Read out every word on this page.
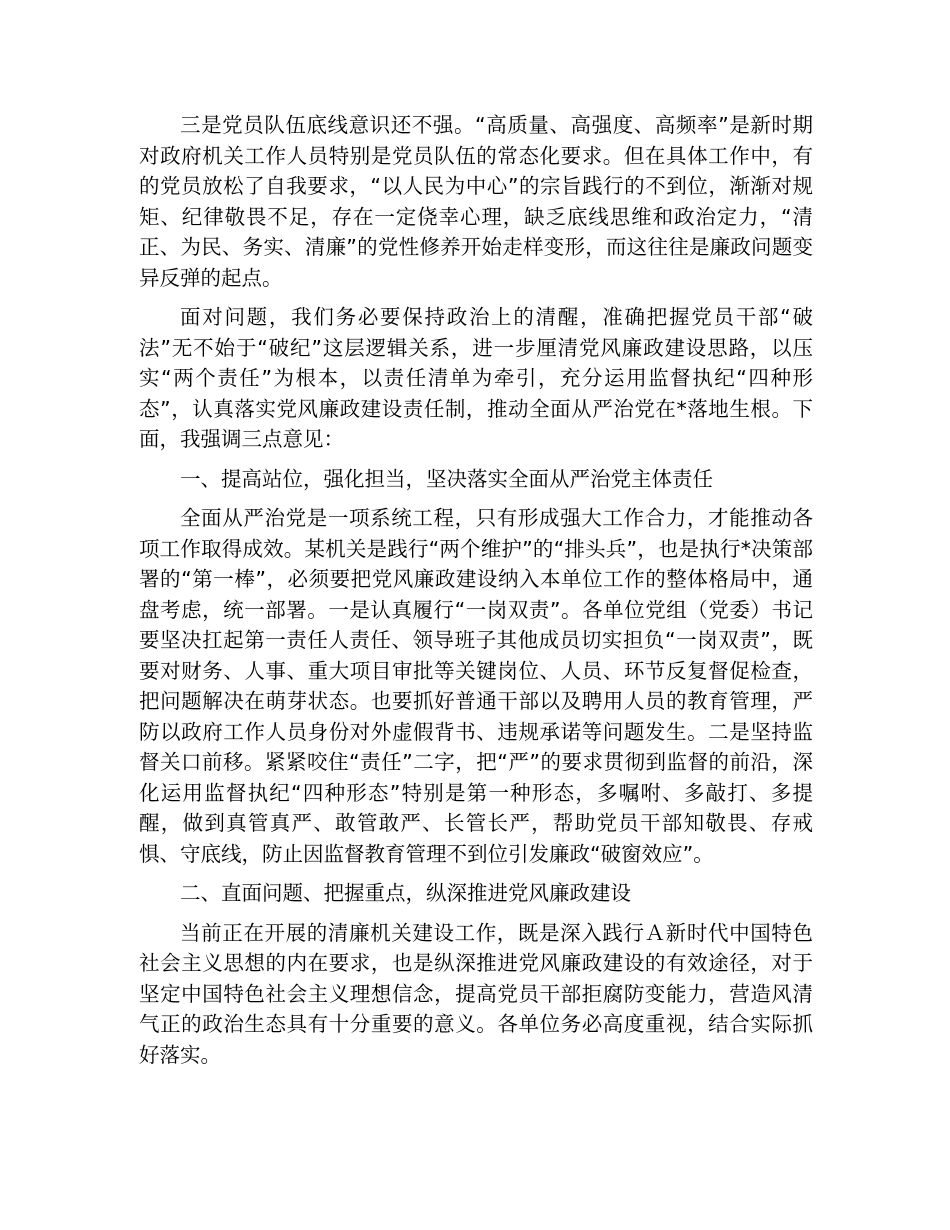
三是党员队伍底线意识还不强。“高质量、高强度、高频率”是新时期对政府机关工作人员特别是党员队伍的常态化要求。但在具体工作中，有的党员放松了自我要求，“以人民为中心”的宗旨践行的不到位，渐渐对规矩、纪律敬畏不足，存在一定侥幸心理，缺乏底线思维和政治定力，“清正、为民、务实、清廉”的党性修养开始走样变形，而这往往是廉政问题变异反弹的起点。

面对问题，我们务必要保持政治上的清醒，准确把握党员干部“破法”无不始于“破纪”这层逻辑关系，进一步厘清党风廉政建设思路，以压实“两个责任”为根本，以责任清单为牵引，充分运用监督执纪“四种形态”，认真落实党风廉政建设责任制，推动全面从严治党在*落地生根。下面，我强调三点意见：

一、提高站位，强化担当，坚决落实全面从严治党主体责任

全面从严治党是一项系统工程，只有形成强大工作合力，才能推动各项工作取得成效。某机关是践行“两个维护”的“排头兵”，也是执行*决策部署的“第一棒”，必须要把党风廉政建设纳入本单位工作的整体格局中，通盘考虑，统一部署。一是认真履行“一岗双责”。各单位党组（党委）书记要坚决扛起第一责任人责任、领导班子其他成员切实担负“一岗双责”，既要对财务、人事、重大项目审批等关键岗位、人员、环节反复督促检查，把问题解决在萌芽状态。也要抓好普通干部以及聘用人员的教育管理，严防以政府工作人员身份对外虚假背书、违规承诺等问题发生。二是坚持监督关口前移。紧紧咬住“责任”二字，把“严”的要求贯彻到监督的前沿，深化运用监督执纪“四种形态”特别是第一种形态，多嘱咐、多敲打、多提醒，做到真管真严、敢管敢严、长管长严，帮助党员干部知敬畏、存戒惧、守底线，防止因监督教育管理不到位引发廉政“破窗效应”。

二、直面问题、把握重点，纵深推进党风廉政建设

当前正在开展的清廉机关建设工作，既是深入践行Ａ新时代中国特色社会主义思想的内在要求，也是纵深推进党风廉政建设的有效途径，对于坚定中国特色社会主义理想信念，提高党员干部拒腐防变能力，营造风清气正的政治生态具有十分重要的意义。各单位务必高度重视，结合实际抓好落实。
